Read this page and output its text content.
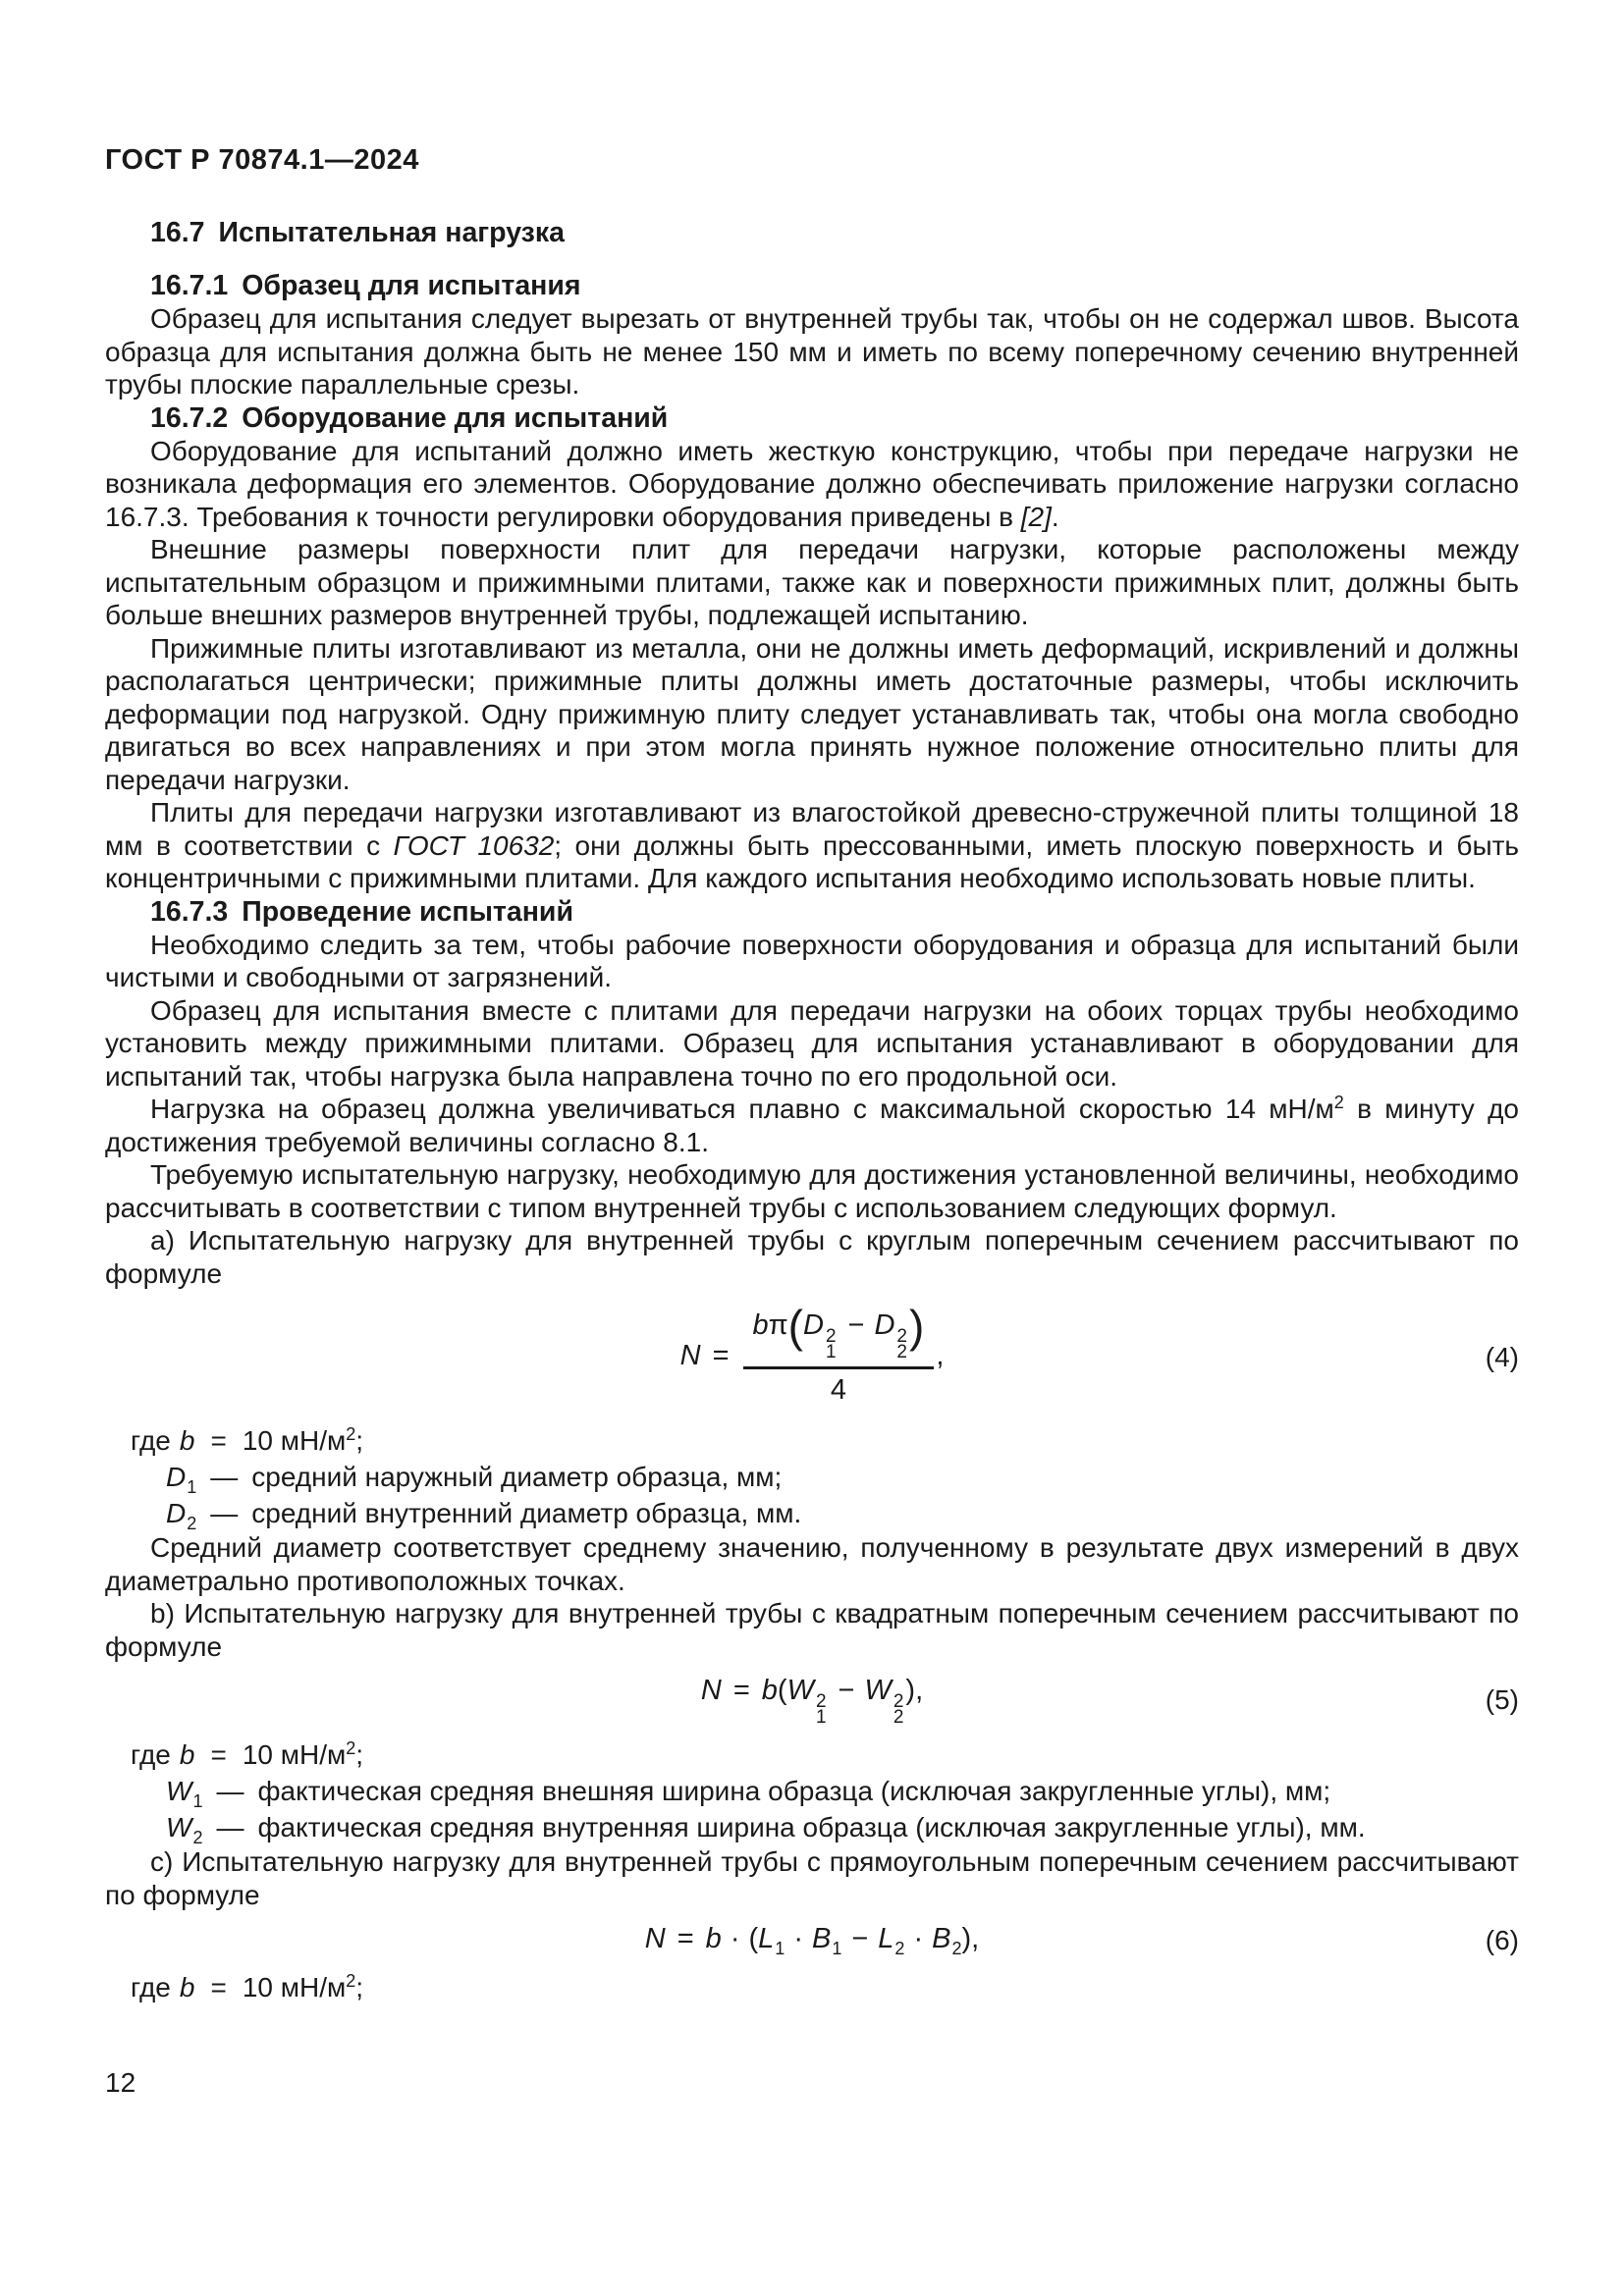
ГОСТ Р 70874.1—2024

16.7 Испытательная нагрузка

16.7.1 Образец для испытания

Образец для испытания следует вырезать от внутренней трубы так, чтобы он не содержал швов. Высота образца для испытания должна быть не менее 150 мм и иметь по всему поперечному сечению внутренней трубы плоские параллельные срезы.

16.7.2 Оборудование для испытаний

Оборудование для испытаний должно иметь жесткую конструкцию, чтобы при передаче нагрузки не возникала деформация его элементов. Оборудование должно обеспечивать приложение нагрузки согласно 16.7.3. Требования к точности регулировки оборудования приведены в [2].

Внешние размеры поверхности плит для передачи нагрузки, которые расположены между испытательным образцом и прижимными плитами, также как и поверхности прижимных плит, должны быть больше внешних размеров внутренней трубы, подлежащей испытанию.

Прижимные плиты изготавливают из металла, они не должны иметь деформаций, искривлений и должны располагаться центрически; прижимные плиты должны иметь достаточные размеры, чтобы исключить деформации под нагрузкой. Одну прижимную плиту следует устанавливать так, чтобы она могла свободно двигаться во всех направлениях и при этом могла принять нужное положение относительно плиты для передачи нагрузки.

Плиты для передачи нагрузки изготавливают из влагостойкой древесно-стружечной плиты толщиной 18 мм в соответствии с ГОСТ 10632; они должны быть прессованными, иметь плоскую поверхность и быть концентричными с прижимными плитами. Для каждого испытания необходимо использовать новые плиты.

16.7.3 Проведение испытаний

Необходимо следить за тем, чтобы рабочие поверхности оборудования и образца для испытаний были чистыми и свободными от загрязнений.

Образец для испытания вместе с плитами для передачи нагрузки на обоих торцах трубы необходимо установить между прижимными плитами. Образец для испытания устанавливают в оборудовании для испытаний так, чтобы нагрузка была направлена точно по его продольной оси.

Нагрузка на образец должна увеличиваться плавно с максимальной скоростью 14 $мН/м^2$ в минуту до достижения требуемой величины согласно 8.1.

Требуемую испытательную нагрузку, необходимую для достижения установленной величины, необходимо рассчитывать в соответствии с типом внутренней трубы с использованием следующих формул.

a) Испытательную нагрузку для внутренней трубы с круглым поперечным сечением рассчитывают по формуле

N = bπ(D 2
1
− D 2
2 )
4 ,	(4)

где b = 10 $мН/м^2$;

$D_1$ — средний наружный диаметр образца, мм;

$D_2$ — средний внутренний диаметр образца, мм.

Средний диаметр соответствует среднему значению, полученному в результате двух измерений в двух диаметрально противоположных точках.

b) Испытательную нагрузку для внутренней трубы с квадратным поперечным сечением рассчитывают по формуле

N = b(W 2
1
− W 2
2
),	(5)

где b = 10 $мН/м^2$;

$W_1$ — фактическая средняя внешняя ширина образца (исключая закругленные углы), мм;

$W_2$ — фактическая средняя внутренняя ширина образца (исключая закругленные углы), мм.

c) Испытательную нагрузку для внутренней трубы с прямоугольным поперечным сечением рассчитывают по формуле

$N = b \cdot (L_1 \cdot B_1 - L_2 \cdot B_2)$,	(6)

где b = 10 $мН/м^2$;

12
